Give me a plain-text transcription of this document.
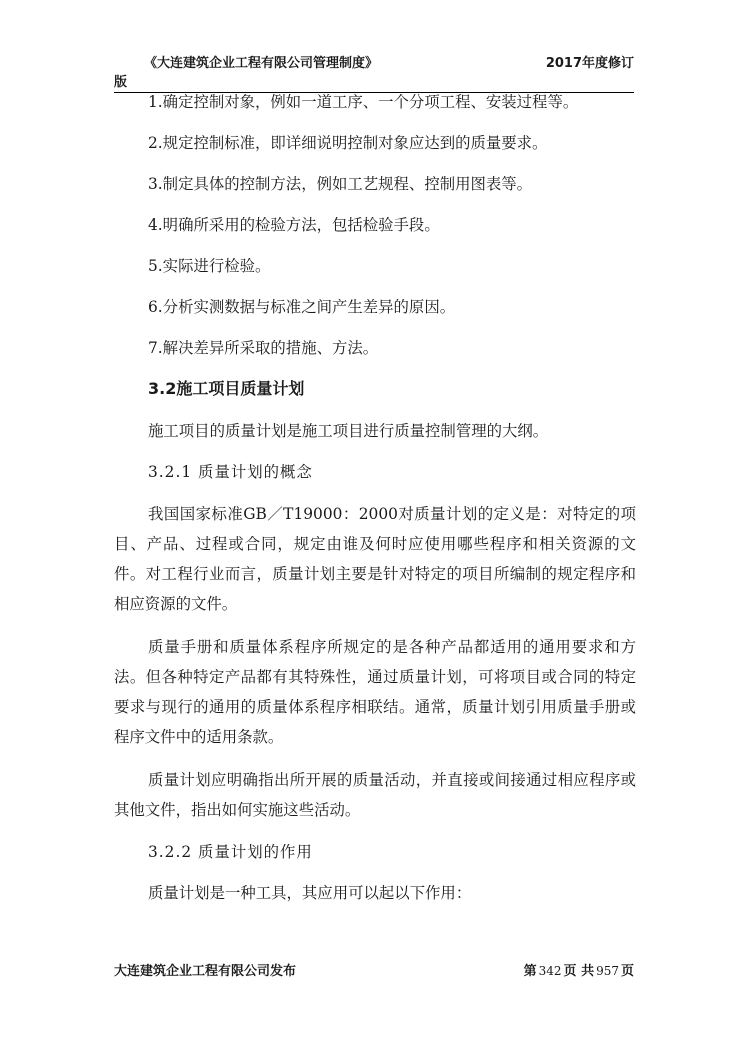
《大连建筑企业工程有限公司管理制度》	2017年度修订
版

1.确定控制对象，例如一道工序、一个分项工程、安装过程等。

2.规定控制标准，即详细说明控制对象应达到的质量要求。

3.制定具体的控制方法，例如工艺规程、控制用图表等。

4.明确所采用的检验方法，包括检验手段。

5.实际进行检验。

6.分析实测数据与标准之间产生差异的原因。

7.解决差异所采取的措施、方法。

3.2施工项目质量计划

施工项目的质量计划是施工项目进行质量控制管理的大纲。

3.2.1 质量计划的概念

我国国家标准GB／T19000：2000对质量计划的定义是：对特定的项目、产品、过程或合同，规定由谁及何时应使用哪些程序和相关资源的文件。对工程行业而言，质量计划主要是针对特定的项目所编制的规定程序和相应资源的文件。

质量手册和质量体系程序所规定的是各种产品都适用的通用要求和方法。但各种特定产品都有其特殊性，通过质量计划，可将项目或合同的特定要求与现行的通用的质量体系程序相联结。通常，质量计划引用质量手册或程序文件中的适用条款。

质量计划应明确指出所开展的质量活动，并直接或间接通过相应程序或其他文件，指出如何实施这些活动。

3.2.2 质量计划的作用

质量计划是一种工具，其应用可以起以下作用：

大连建筑企业工程有限公司发布	第 342 页 共 957 页
